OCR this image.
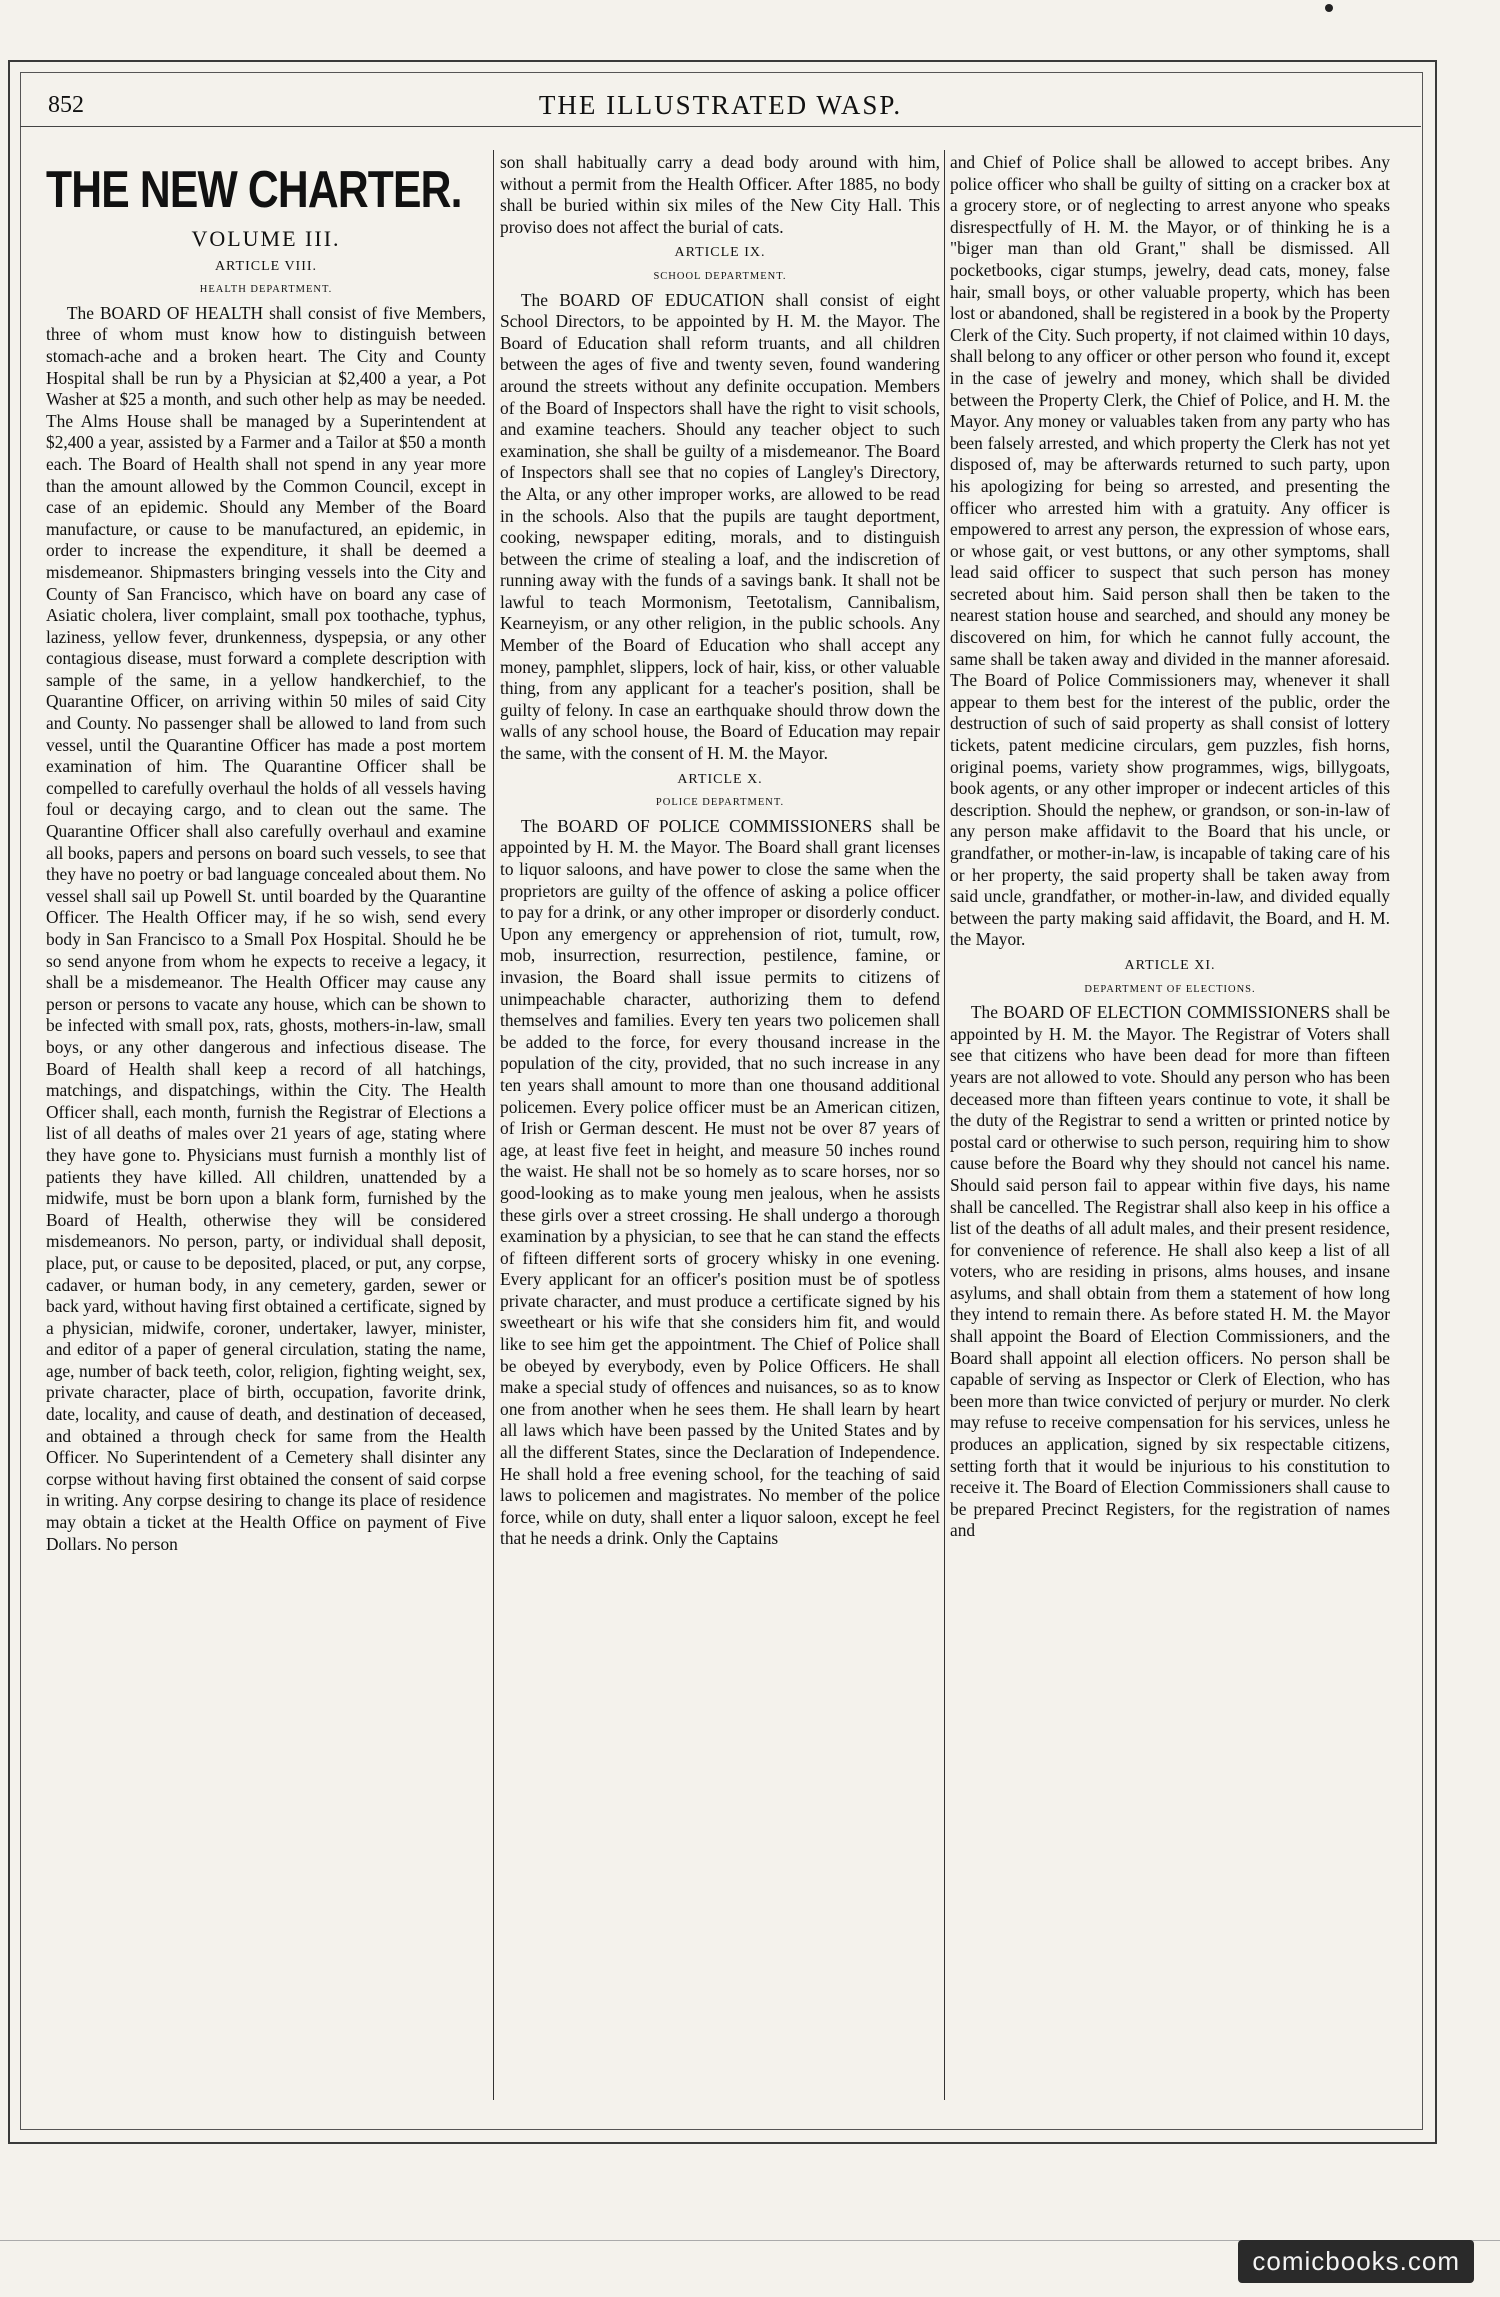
852	THE ILLUSTRATED WASP.
THE NEW CHARTER.
VOLUME III.
ARTICLE VIII.
HEALTH DEPARTMENT.

The BOARD OF HEALTH shall consist of five Members, three of whom must know how to distinguish between stomach-ache and a broken heart. The City and County Hospital shall be run by a Physician at $2,400 a year, a Pot Washer at $25 a month, and such other help as may be needed. The Alms House shall be managed by a Superintendent at $2,400 a year, assisted by a Farmer and a Tailor at $50 a month each. The Board of Health shall not spend in any year more than the amount allowed by the Common Council, except in case of an epidemic. Should any Member of the Board manufacture, or cause to be manufactured, an epidemic, in order to increase the expenditure, it shall be deemed a misdemeanor. Shipmasters bringing vessels into the City and County of San Francisco, which have on board any case of Asiatic cholera, liver complaint, small pox toothache, typhus, laziness, yellow fever, drunkenness, dyspepsia, or any other contagious disease, must forward a complete description with sample of the same, in a yellow handkerchief, to the Quarantine Officer, on arriving within 50 miles of said City and County. No passenger shall be allowed to land from such vessel, until the Quarantine Officer has made a post mortem examination of him. The Quarantine Officer shall be compelled to carefully overhaul the holds of all vessels having foul or decaying cargo, and to clean out the same. The Quarantine Officer shall also carefully overhaul and examine all books, papers and persons on board such vessels, to see that they have no poetry or bad language concealed about them. No vessel shall sail up Powell St. until boarded by the Quarantine Officer. The Health Officer may, if he so wish, send every body in San Francisco to a Small Pox Hospital. Should he be so send anyone from whom he expects to receive a legacy, it shall be a misdemeanor. The Health Officer may cause any person or persons to vacate any house, which can be shown to be infected with small pox, rats, ghosts, mothers-in-law, small boys, or any other dangerous and infectious disease. The Board of Health shall keep a record of all hatchings, matchings, and dispatchings, within the City. The Health Officer shall, each month, furnish the Registrar of Elections a list of all deaths of males over 21 years of age, stating where they have gone to. Physicians must furnish a monthly list of patients they have killed. All children, unattended by a midwife, must be born upon a blank form, furnished by the Board of Health, otherwise they will be considered misdemeanors. No person, party, or individual shall deposit, place, put, or cause to be deposited, placed, or put, any corpse, cadaver, or human body, in any cemetery, garden, sewer or back yard, without having first obtained a certificate, signed by a physician, midwife, coroner, undertaker, lawyer, minister, and editor of a paper of general circulation, stating the name, age, number of back teeth, color, religion, fighting weight, sex, private character, place of birth, occupation, favorite drink, date, locality, and cause of death, and destination of deceased, and obtained a through check for same from the Health Officer. No Superintendent of a Cemetery shall disinter any corpse without having first obtained the consent of said corpse in writing. Any corpse desiring to change its place of residence may obtain a ticket at the Health Office on payment of Five Dollars. No person

son shall habitually carry a dead body around with him, without a permit from the Health Officer. After 1885, no body shall be buried within six miles of the New City Hall. This proviso does not affect the burial of cats.

ARTICLE IX.
SCHOOL DEPARTMENT.

The BOARD OF EDUCATION shall consist of eight School Directors, to be appointed by H. M. the Mayor. The Board of Education shall reform truants, and all children between the ages of five and twenty seven, found wandering around the streets without any definite occupation. Members of the Board of Inspectors shall have the right to visit schools, and examine teachers. Should any teacher object to such examination, she shall be guilty of a misdemeanor. The Board of Inspectors shall see that no copies of Langley's Directory, the Alta, or any other improper works, are allowed to be read in the schools. Also that the pupils are taught deportment, cooking, newspaper editing, morals, and to distinguish between the crime of stealing a loaf, and the indiscretion of running away with the funds of a savings bank. It shall not be lawful to teach Mormonism, Teetotalism, Cannibalism, Kearneyism, or any other religion, in the public schools. Any Member of the Board of Education who shall accept any money, pamphlet, slippers, lock of hair, kiss, or other valuable thing, from any applicant for a teacher's position, shall be guilty of felony. In case an earthquake should throw down the walls of any school house, the Board of Education may repair the same, with the consent of H. M. the Mayor.

ARTICLE X.
POLICE DEPARTMENT.

The BOARD OF POLICE COMMISSIONERS shall be appointed by H. M. the Mayor. The Board shall grant licenses to liquor saloons, and have power to close the same when the proprietors are guilty of the offence of asking a police officer to pay for a drink, or any other improper or disorderly conduct. Upon any emergency or apprehension of riot, tumult, row, mob, insurrection, resurrection, pestilence, famine, or invasion, the Board shall issue permits to citizens of unimpeachable character, authorizing them to defend themselves and families. Every ten years two policemen shall be added to the force, for every thousand increase in the population of the city, provided, that no such increase in any ten years shall amount to more than one thousand additional policemen. Every police officer must be an American citizen, of Irish or German descent. He must not be over 87 years of age, at least five feet in height, and measure 50 inches round the waist. He shall not be so homely as to scare horses, nor so good-looking as to make young men jealous, when he assists these girls over a street crossing. He shall undergo a thorough examination by a physician, to see that he can stand the effects of fifteen different sorts of grocery whisky in one evening. Every applicant for an officer's position must be of spotless private character, and must produce a certificate signed by his sweetheart or his wife that she considers him fit, and would like to see him get the appointment. The Chief of Police shall be obeyed by everybody, even by Police Officers. He shall make a special study of offences and nuisances, so as to know one from another when he sees them. He shall learn by heart all laws which have been passed by the United States and by all the different States, since the Declaration of Independence. He shall hold a free evening school, for the teaching of said laws to policemen and magistrates. No member of the police force, while on duty, shall enter a liquor saloon, except he feel that he needs a drink. Only the Captains

and Chief of Police shall be allowed to accept bribes. Any police officer who shall be guilty of sitting on a cracker box at a grocery store, or of neglecting to arrest anyone who speaks disrespectfully of H. M. the Mayor, or of thinking he is a "biger man than old Grant," shall be dismissed. All pocketbooks, cigar stumps, jewelry, dead cats, money, false hair, small boys, or other valuable property, which has been lost or abandoned, shall be registered in a book by the Property Clerk of the City. Such property, if not claimed within 10 days, shall belong to any officer or other person who found it, except in the case of jewelry and money, which shall be divided between the Property Clerk, the Chief of Police, and H. M. the Mayor. Any money or valuables taken from any party who has been falsely arrested, and which property the Clerk has not yet disposed of, may be afterwards returned to such party, upon his apologizing for being so arrested, and presenting the officer who arrested him with a gratuity. Any officer is empowered to arrest any person, the expression of whose ears, or whose gait, or vest buttons, or any other symptoms, shall lead said officer to suspect that such person has money secreted about him. Said person shall then be taken to the nearest station house and searched, and should any money be discovered on him, for which he cannot fully account, the same shall be taken away and divided in the manner aforesaid. The Board of Police Commissioners may, whenever it shall appear to them best for the interest of the public, order the destruction of such of said property as shall consist of lottery tickets, patent medicine circulars, gem puzzles, fish horns, original poems, variety show programmes, wigs, billygoats, book agents, or any other improper or indecent articles of this description. Should the nephew, or grandson, or son-in-law of any person make affidavit to the Board that his uncle, or grandfather, or mother-in-law, is incapable of taking care of his or her property, the said property shall be taken away from said uncle, grandfather, or mother-in-law, and divided equally between the party making said affidavit, the Board, and H. M. the Mayor.

ARTICLE XI.
DEPARTMENT OF ELECTIONS.

The BOARD OF ELECTION COMMISSIONERS shall be appointed by H. M. the Mayor. The Registrar of Voters shall see that citizens who have been dead for more than fifteen years are not allowed to vote. Should any person who has been deceased more than fifteen years continue to vote, it shall be the duty of the Registrar to send a written or printed notice by postal card or otherwise to such person, requiring him to show cause before the Board why they should not cancel his name. Should said person fail to appear within five days, his name shall be cancelled. The Registrar shall also keep in his office a list of the deaths of all adult males, and their present residence, for convenience of reference. He shall also keep a list of all voters, who are residing in prisons, alms houses, and insane asylums, and shall obtain from them a statement of how long they intend to remain there. As before stated H. M. the Mayor shall appoint the Board of Election Commissioners, and the Board shall appoint all election officers. No person shall be capable of serving as Inspector or Clerk of Election, who has been more than twice convicted of perjury or murder. No clerk may refuse to receive compensation for his services, unless he produces an application, signed by six respectable citizens, setting forth that it would be injurious to his constitution to receive it. The Board of Election Commissioners shall cause to be prepared Precinct Registers, for the registration of names and

comicbooks.com
